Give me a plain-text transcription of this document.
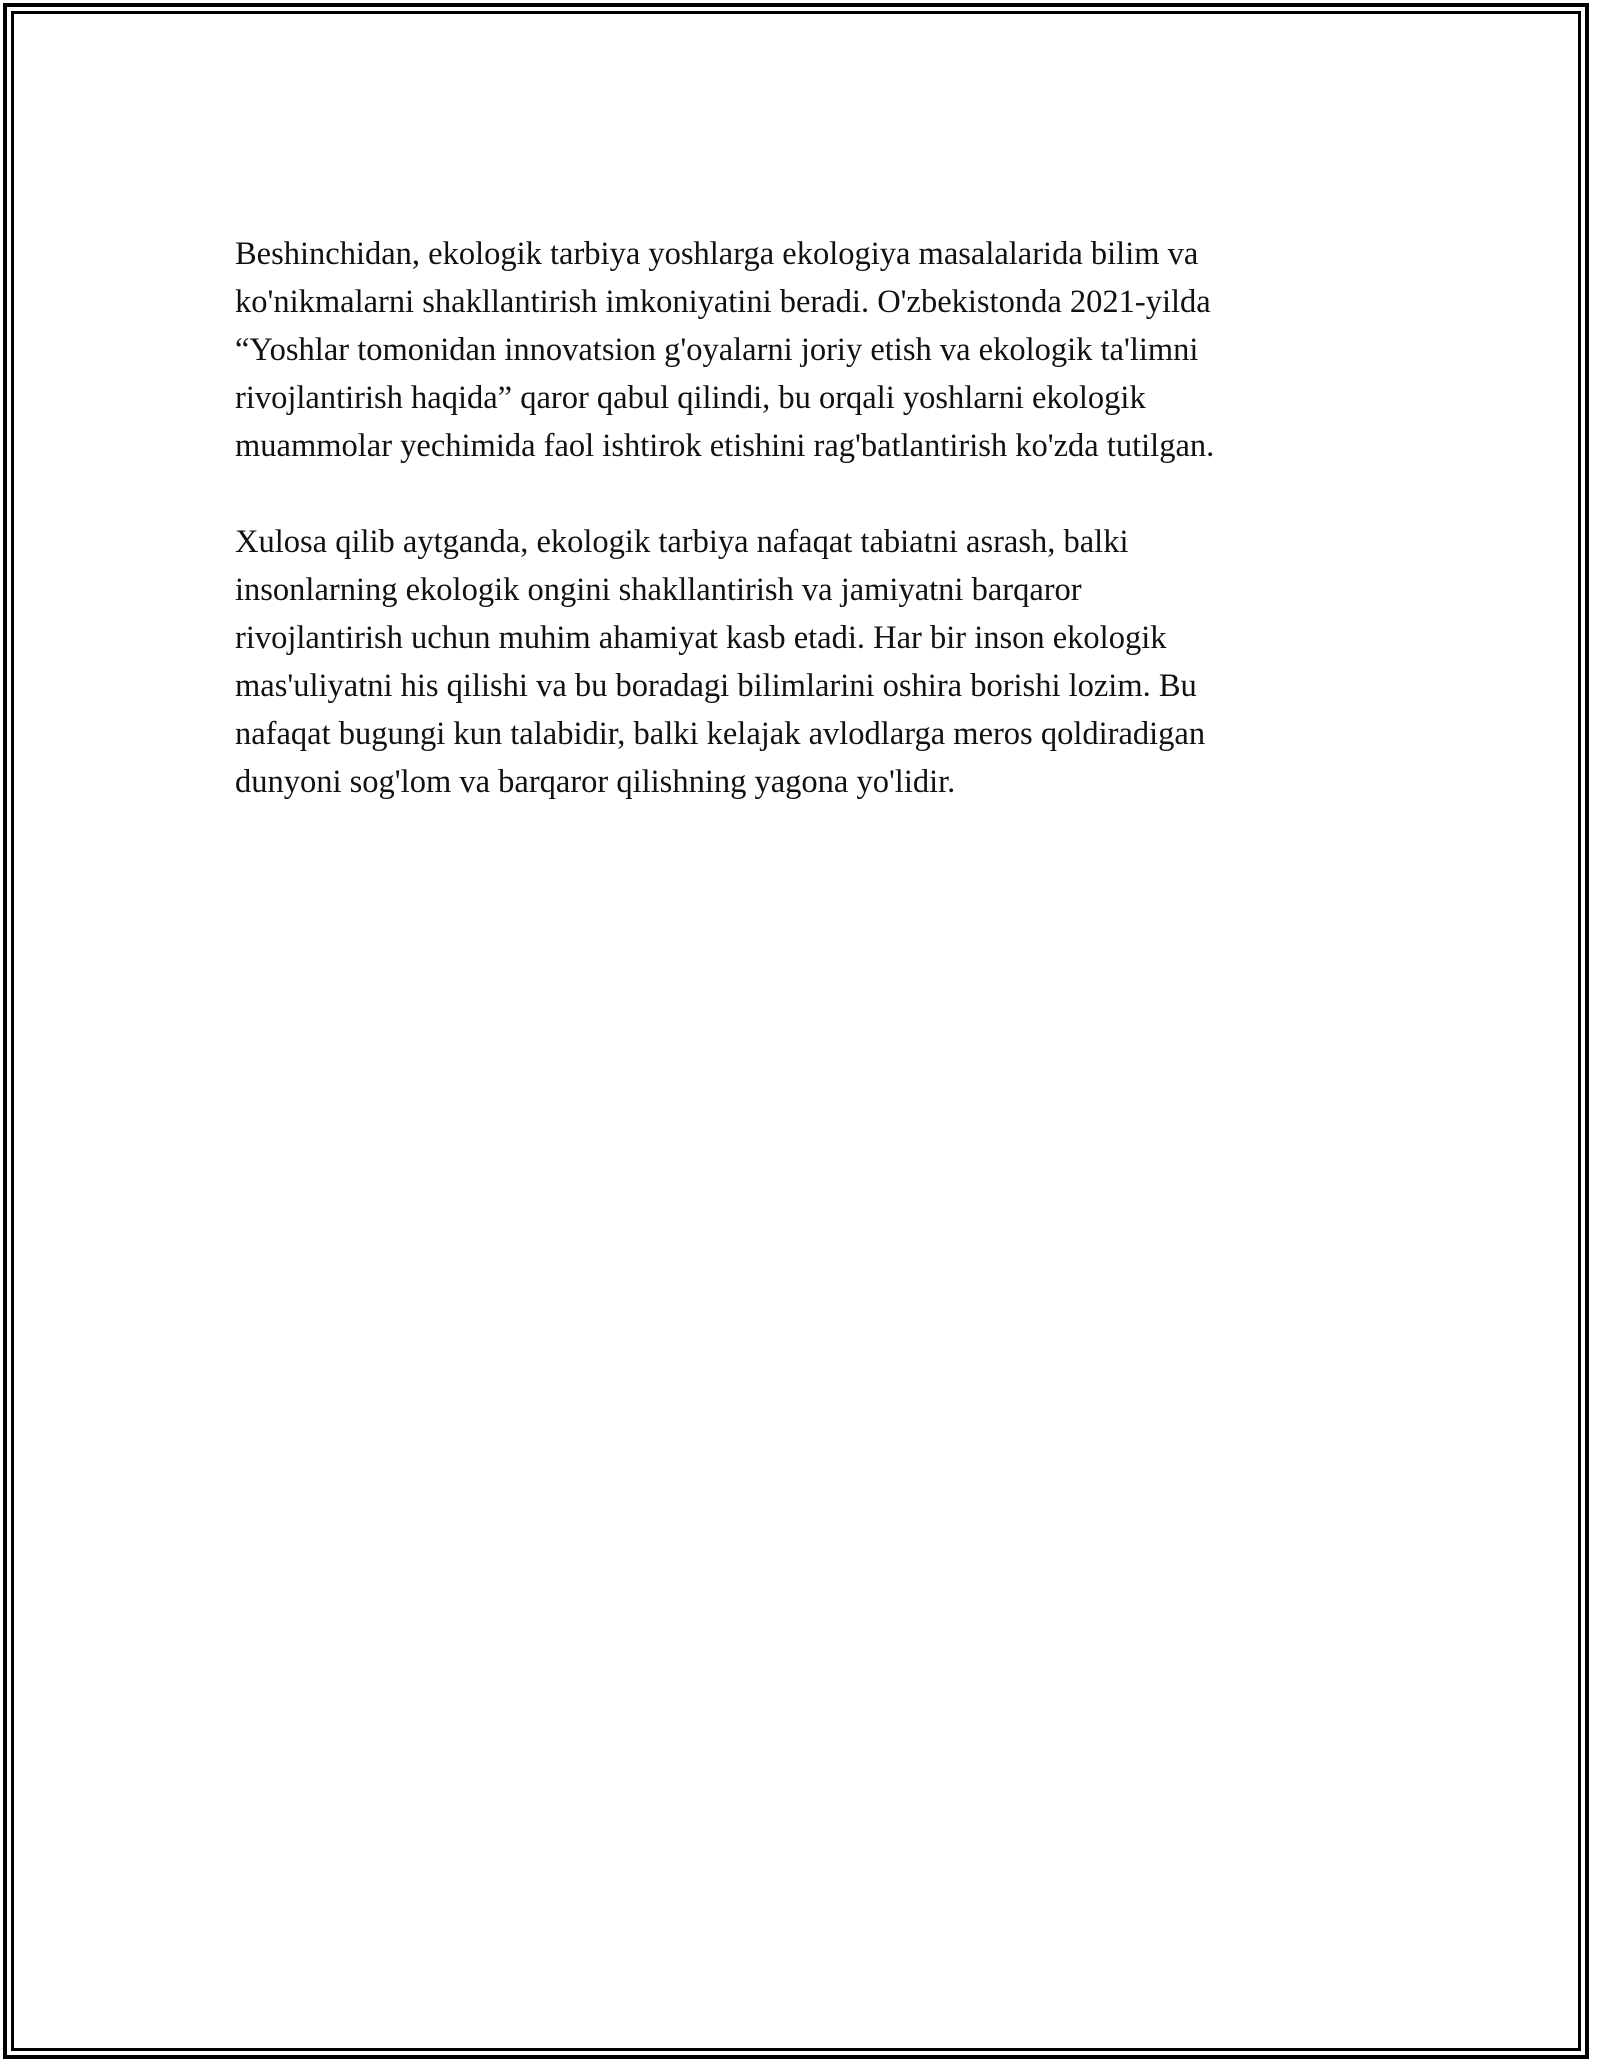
Beshinchidan, ekologik tarbiya yoshlarga ekologiya masalalarida bilim va
ko'nikmalarni shakllantirish imkoniyatini beradi. O'zbekistonda 2021-yilda
“Yoshlar tomonidan innovatsion g'oyalarni joriy etish va ekologik ta'limni
rivojlantirish haqida” qaror qabul qilindi, bu orqali yoshlarni ekologik
muammolar yechimida faol ishtirok etishini rag'batlantirish ko'zda tutilgan.

Xulosa qilib aytganda, ekologik tarbiya nafaqat tabiatni asrash, balki
insonlarning ekologik ongini shakllantirish va jamiyatni barqaror
rivojlantirish uchun muhim ahamiyat kasb etadi. Har bir inson ekologik
mas'uliyatni his qilishi va bu boradagi bilimlarini oshira borishi lozim. Bu
nafaqat bugungi kun talabidir, balki kelajak avlodlarga meros qoldiradigan
dunyoni sog'lom va barqaror qilishning yagona yo'lidir.
